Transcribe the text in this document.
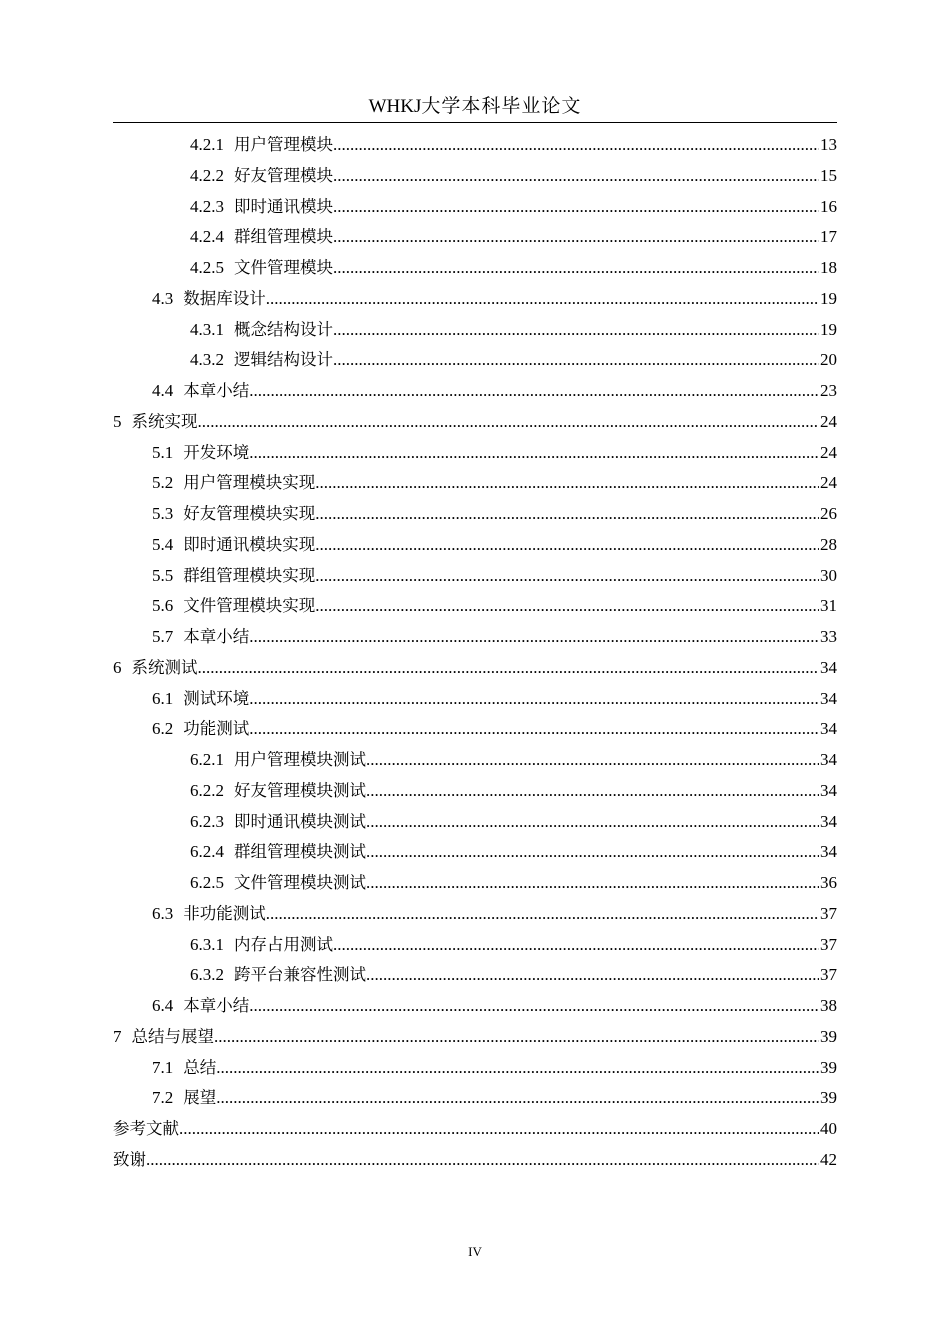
WHKJ大学本科毕业论文
4.2.1 用户管理模块 .....	13
4.2.2 好友管理模块 .....	15
4.2.3 即时通讯模块 .....	16
4.2.4 群组管理模块 .....	17
4.2.5 文件管理模块 .....	18
4.3 数据库设计 .....	19
4.3.1 概念结构设计 .....	19
4.3.2 逻辑结构设计 .....	20
4.4 本章小结 .....	23
5 系统实现 .....	24
5.1 开发环境 .....	24
5.2 用户管理模块实现 .....	24
5.3 好友管理模块实现 .....	26
5.4 即时通讯模块实现 .....	28
5.5 群组管理模块实现 .....	30
5.6 文件管理模块实现 .....	31
5.7 本章小结 .....	33
6 系统测试 .....	34
6.1 测试环境 .....	34
6.2 功能测试 .....	34
6.2.1 用户管理模块测试 .....	34
6.2.2 好友管理模块测试 .....	34
6.2.3 即时通讯模块测试 .....	34
6.2.4 群组管理模块测试 .....	34
6.2.5 文件管理模块测试 .....	36
6.3 非功能测试 .....	37
6.3.1 内存占用测试 .....	37
6.3.2 跨平台兼容性测试 .....	37
6.4 本章小结 .....	38
7 总结与展望 .....	39
7.1 总结 .....	39
7.2 展望 .....	39
参考文献 .....	40
致谢 .....	42
IV
